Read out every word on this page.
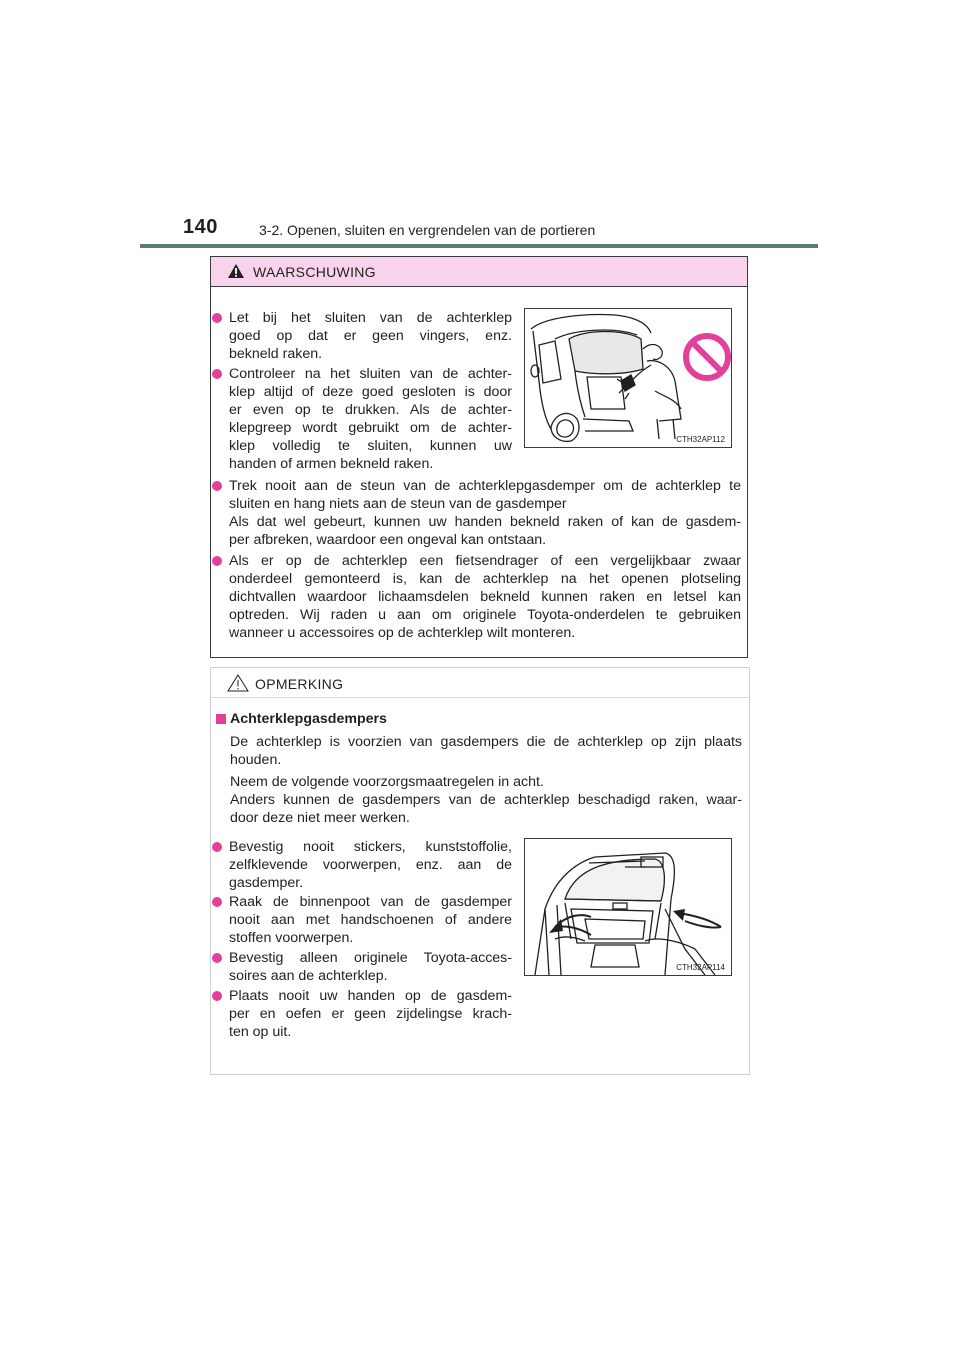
140	3-2. Openen, sluiten en vergrendelen van de portieren
WAARSCHUWING
Let bij het sluiten van de achterklep
goed op dat er geen vingers, enz.
bekneld raken.
Controleer na het sluiten van de achter-
klep altijd of deze goed gesloten is door
er even op te drukken. Als de achter-
klepgreep wordt gebruikt om de achter-
klep volledig te sluiten, kunnen uw
handen of armen bekneld raken.
CTH32AP112
Trek nooit aan de steun van de achterklepgasdemper om de achterklep te
sluiten en hang niets aan de steun van de gasdemper
Als dat wel gebeurt, kunnen uw handen bekneld raken of kan de gasdem-
per afbreken, waardoor een ongeval kan ontstaan.
Als er op de achterklep een fietsendrager of een vergelijkbaar zwaar
onderdeel gemonteerd is, kan de achterklep na het openen plotseling
dichtvallen waardoor lichaamsdelen bekneld kunnen raken en letsel kan
optreden. Wij raden u aan om originele Toyota-onderdelen te gebruiken
wanneer u accessoires op de achterklep wilt monteren.
OPMERKING
Achterklepgasdempers
De achterklep is voorzien van gasdempers die de achterklep op zijn plaats
houden.
Neem de volgende voorzorgsmaatregelen in acht.
Anders kunnen de gasdempers van de achterklep beschadigd raken, waar-
door deze niet meer werken.
Bevestig nooit stickers, kunststoffolie,
zelfklevende voorwerpen, enz. aan de
gasdemper.
Raak de binnenpoot van de gasdemper
nooit aan met handschoenen of andere
stoffen voorwerpen.
Bevestig alleen originele Toyota-acces-
soires aan de achterklep.
Plaats nooit uw handen op de gasdem-
per en oefen er geen zijdelingse krach-
ten op uit.
CTH32AP114
